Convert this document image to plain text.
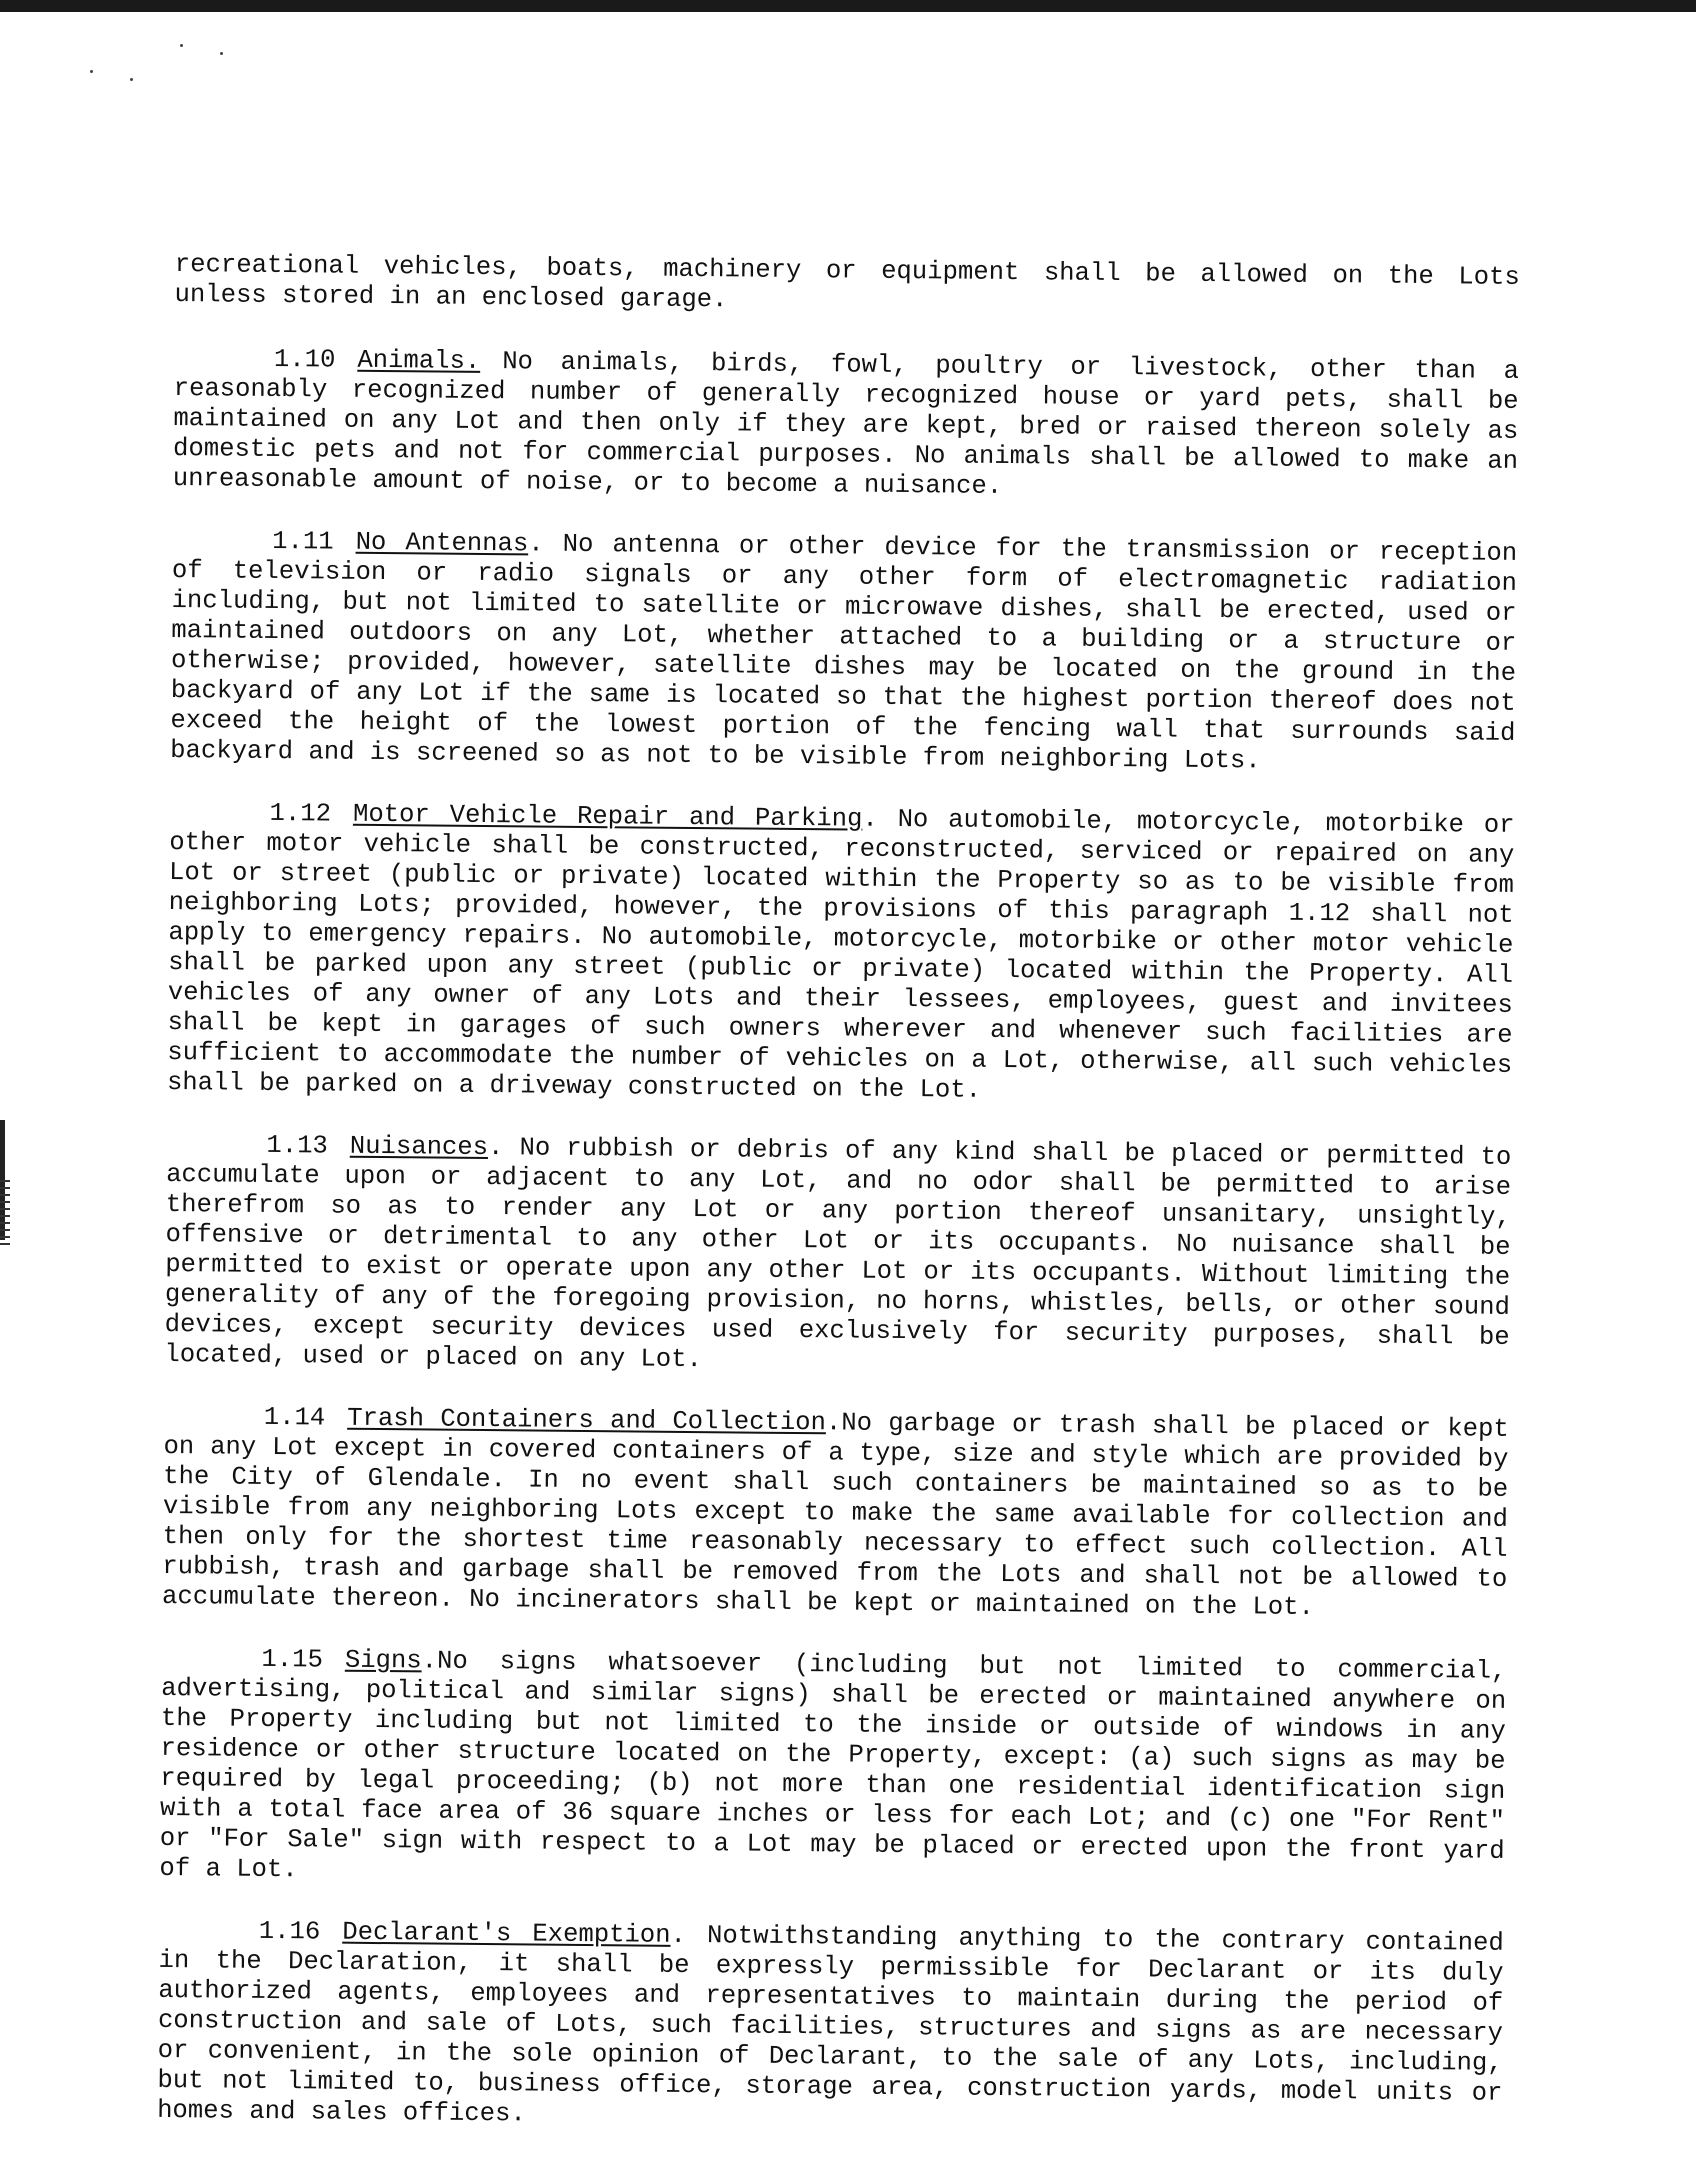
recreational vehicles, boats, machinery or equipment shall be allowed on the Lots unless stored in an enclosed garage.

1.10 Animals. No animals, birds, fowl, poultry or livestock, other than a reasonably recognized number of generally recognized house or yard pets, shall be maintained on any Lot and then only if they are kept, bred or raised thereon solely as domestic pets and not for commercial purposes. No animals shall be allowed to make an unreasonable amount of noise, or to become a nuisance.

1.11 No Antennas. No antenna or other device for the transmission or reception of television or radio signals or any other form of electromagnetic radiation including, but not limited to satellite or microwave dishes, shall be erected, used or maintained outdoors on any Lot, whether attached to a building or a structure or otherwise; provided, however, satellite dishes may be located on the ground in the backyard of any Lot if the same is located so that the highest portion thereof does not exceed the height of the lowest portion of the fencing wall that surrounds said backyard and is screened so as not to be visible from neighboring Lots.

1.12 Motor Vehicle Repair and Parking. No automobile, motorcycle, motorbike or other motor vehicle shall be constructed, reconstructed, serviced or repaired on any Lot or street (public or private) located within the Property so as to be visible from neighboring Lots; provided, however, the provisions of this paragraph 1.12 shall not apply to emergency repairs. No automobile, motorcycle, motorbike or other motor vehicle shall be parked upon any street (public or private) located within the Property. All vehicles of any owner of any Lots and their lessees, employees, guest and invitees shall be kept in garages of such owners wherever and whenever such facilities are sufficient to accommodate the number of vehicles on a Lot, otherwise, all such vehicles shall be parked on a driveway constructed on the Lot.

1.13 Nuisances. No rubbish or debris of any kind shall be placed or permitted to accumulate upon or adjacent to any Lot, and no odor shall be permitted to arise therefrom so as to render any Lot or any portion thereof unsanitary, unsightly, offensive or detrimental to any other Lot or its occupants. No nuisance shall be permitted to exist or operate upon any other Lot or its occupants. Without limiting the generality of any of the foregoing provision, no horns, whistles, bells, or other sound devices, except security devices used exclusively for security purposes, shall be located, used or placed on any Lot.

1.14 Trash Containers and Collection.No garbage or trash shall be placed or kept on any Lot except in covered containers of a type, size and style which are provided by the City of Glendale. In no event shall such containers be maintained so as to be visible from any neighboring Lots except to make the same available for collection and then only for the shortest time reasonably necessary to effect such collection. All rubbish, trash and garbage shall be removed from the Lots and shall not be allowed to accumulate thereon. No incinerators shall be kept or maintained on the Lot.

1.15 Signs.No signs whatsoever (including but not limited to commercial, advertising, political and similar signs) shall be erected or maintained anywhere on the Property including but not limited to the inside or outside of windows in any residence or other structure located on the Property, except: (a) such signs as may be required by legal proceeding; (b) not more than one residential identification sign with a total face area of 36 square inches or less for each Lot; and (c) one "For Rent" or "For Sale" sign with respect to a Lot may be placed or erected upon the front yard of a Lot.

1.16 Declarant's Exemption. Notwithstanding anything to the contrary contained in the Declaration, it shall be expressly permissible for Declarant or its duly authorized agents, employees and representatives to maintain during the period of construction and sale of Lots, such facilities, structures and signs as are necessary or convenient, in the sole opinion of Declarant, to the sale of any Lots, including, but not limited to, business office, storage area, construction yards, model units or homes and sales offices.
